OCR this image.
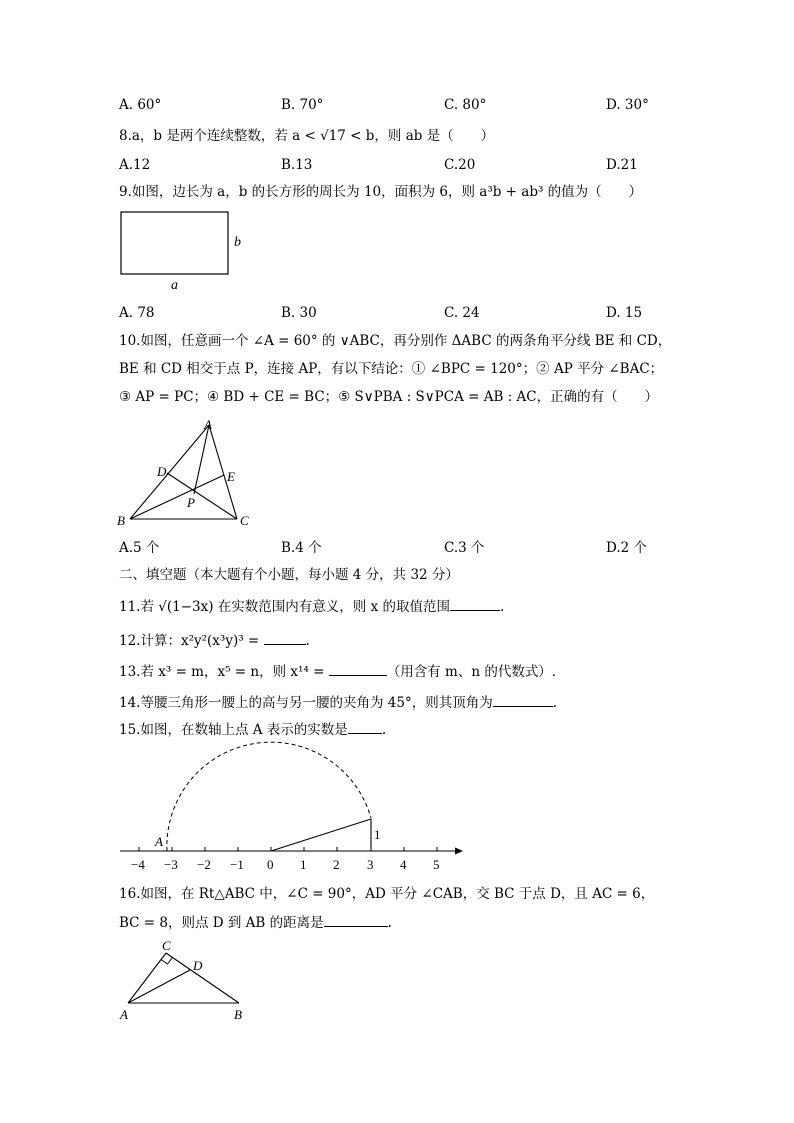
A. 60°	B. 70°	C. 80°	D. 30°
8.a，b 是两个连续整数，若 a < √17 < b，则 ab 是（　　）
A.12	B.13	C.20	D.21
9.如图，边长为 a，b 的长方形的周长为 10，面积为 6，则 a³b + ab³ 的值为（　　）
b
a
A. 78	B. 30	C. 24	D. 15
10.如图，任意画一个 ∠A = 60° 的 ∨ABC，再分别作 ΔABC 的两条角平分线 BE 和 CD，
BE 和 CD 相交于点 P，连接 AP，有以下结论：① ∠BPC = 120°；② AP 平分 ∠BAC；
③ AP = PC；④ BD + CE = BC；⑤ S∨PBA : S∨PCA = AB : AC，正确的有（　　）
A
B	C
D	E
P
A.5 个	B.4 个	C.3 个	D.2 个
二、填空题（本大题有个小题，每小题 4 分，共 32 分）
11.若 √(1−3x) 在实数范围内有意义，则 x 的取值范围	.
12.计算：x²y²(x³y)³ =	.
13.若 x³ = m，x⁵ = n，则 x¹⁴ =	（用含有 m、n 的代数式）.
14.等腰三角形一腰上的高与另一腰的夹角为 45°，则其顶角为	.
15.如图，在数轴上点 A 表示的实数是	.
−4 −3 −2 −1 0 1 2 3 4 5
A	1
16.如图，在 Rt△ABC 中，∠C = 90°，AD 平分 ∠CAB，交 BC 于点 D，且 AC = 6，
BC = 8，则点 D 到 AB 的距离是	.
C
D
A	B
